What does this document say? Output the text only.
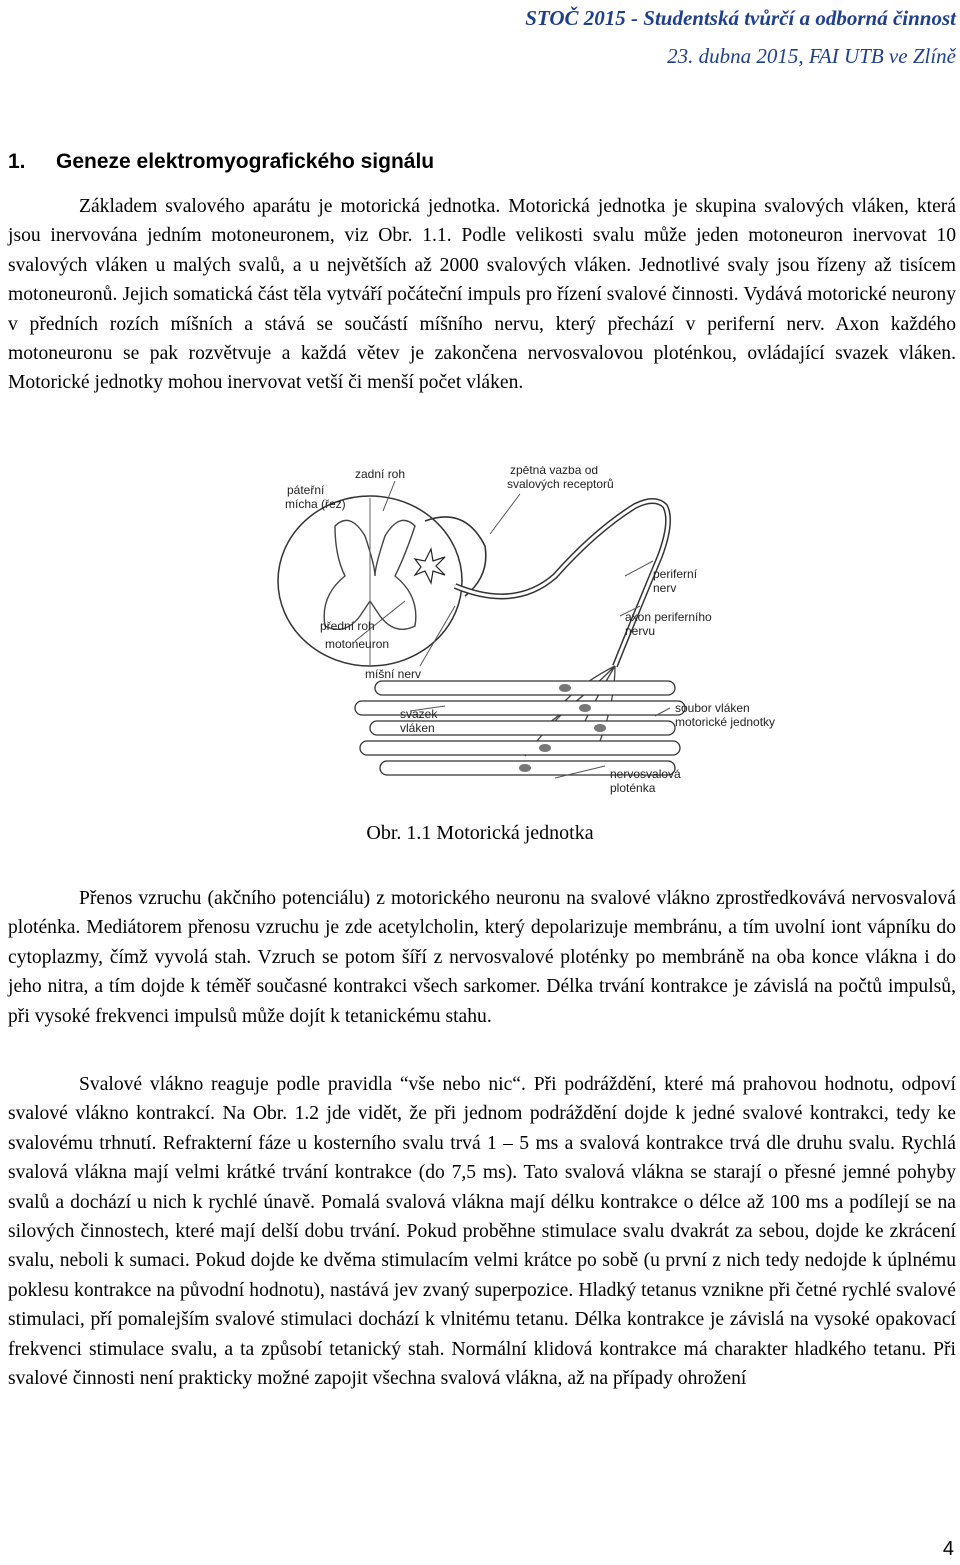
STOČ 2015 - Studentská tvůrčí a odborná činnost
23. dubna 2015, FAI UTB ve Zlíně
1. Geneze elektromyografického signálu

Základem svalového aparátu je motorická jednotka. Motorická jednotka je skupina svalových vláken, která jsou inervována jedním motoneuronem, viz Obr. 1.1. Podle velikosti svalu může jeden motoneuron inervovat 10 svalových vláken u malých svalů, a u největších až 2000 svalových vláken. Jednotlivé svaly jsou řízeny až tisícem motoneuronů. Jejich somatická část těla vytváří počáteční impuls pro řízení svalové činnosti. Vydává motorické neurony v předních rozích míšních a stává se součástí míšního nervu, který přechází v periferní nerv. Axon každého motoneuronu se pak rozvětvuje a každá větev je zakončena nervosvalovou ploténkou, ovládající svazek vláken. Motorické jednotky mohou inervovat vetší či menší počet vláken.

zadní roh
páteřní
mícha (řez)
zpětná vazba od
svalových receptorů
periferní
nerv
axon periferního
nervu
přední roh
motoneuron
míšní nerv
svazek
vláken
soubor vláken
motorické jednotky
nervosvalová
ploténka
Obr. 1.1 Motorická jednotka

Přenos vzruchu (akčního potenciálu) z motorického neuronu na svalové vlákno zprostředkovává nervosvalová ploténka. Mediátorem přenosu vzruchu je zde acetylcholin, který depolarizuje membránu, a tím uvolní iont vápníku do cytoplazmy, čímž vyvolá stah. Vzruch se potom šíří z nervosvalové ploténky po membráně na oba konce vlákna i do jeho nitra, a tím dojde k téměř současné kontrakci všech sarkomer. Délka trvání kontrakce je závislá na počtů impulsů, při vysoké frekvenci impulsů může dojít k tetanickému stahu.

Svalové vlákno reaguje podle pravidla “vše nebo nic“. Při podráždění, které má prahovou hodnotu, odpoví svalové vlákno kontrakcí. Na Obr. 1.2 jde vidět, že při jednom podráždění dojde k jedné svalové kontrakci, tedy ke svalovému trhnutí. Refrakterní fáze u kosterního svalu trvá 1 – 5 ms a svalová kontrakce trvá dle druhu svalu. Rychlá svalová vlákna mají velmi krátké trvání kontrakce (do 7,5 ms). Tato svalová vlákna se starají o přesné jemné pohyby svalů a dochází u nich k rychlé únavě. Pomalá svalová vlákna mají délku kontrakce o délce až 100 ms a podílejí se na silových činnostech, které mají delší dobu trvání. Pokud proběhne stimulace svalu dvakrát za sebou, dojde ke zkrácení svalu, neboli k sumaci. Pokud dojde ke dvěma stimulacím velmi krátce po sobě (u první z nich tedy nedojde k úplnému poklesu kontrakce na původní hodnotu), nastává jev zvaný superpozice. Hladký tetanus vznikne při četné rychlé svalové stimulaci, pří pomalejším svalové stimulaci dochází k vlnitému tetanu. Délka kontrakce je závislá na vysoké opakovací frekvenci stimulace svalu, a ta způsobí tetanický stah. Normální klidová kontrakce má charakter hladkého tetanu. Při svalové činnosti není prakticky možné zapojit všechna svalová vlákna, až na případy ohrožení

4
